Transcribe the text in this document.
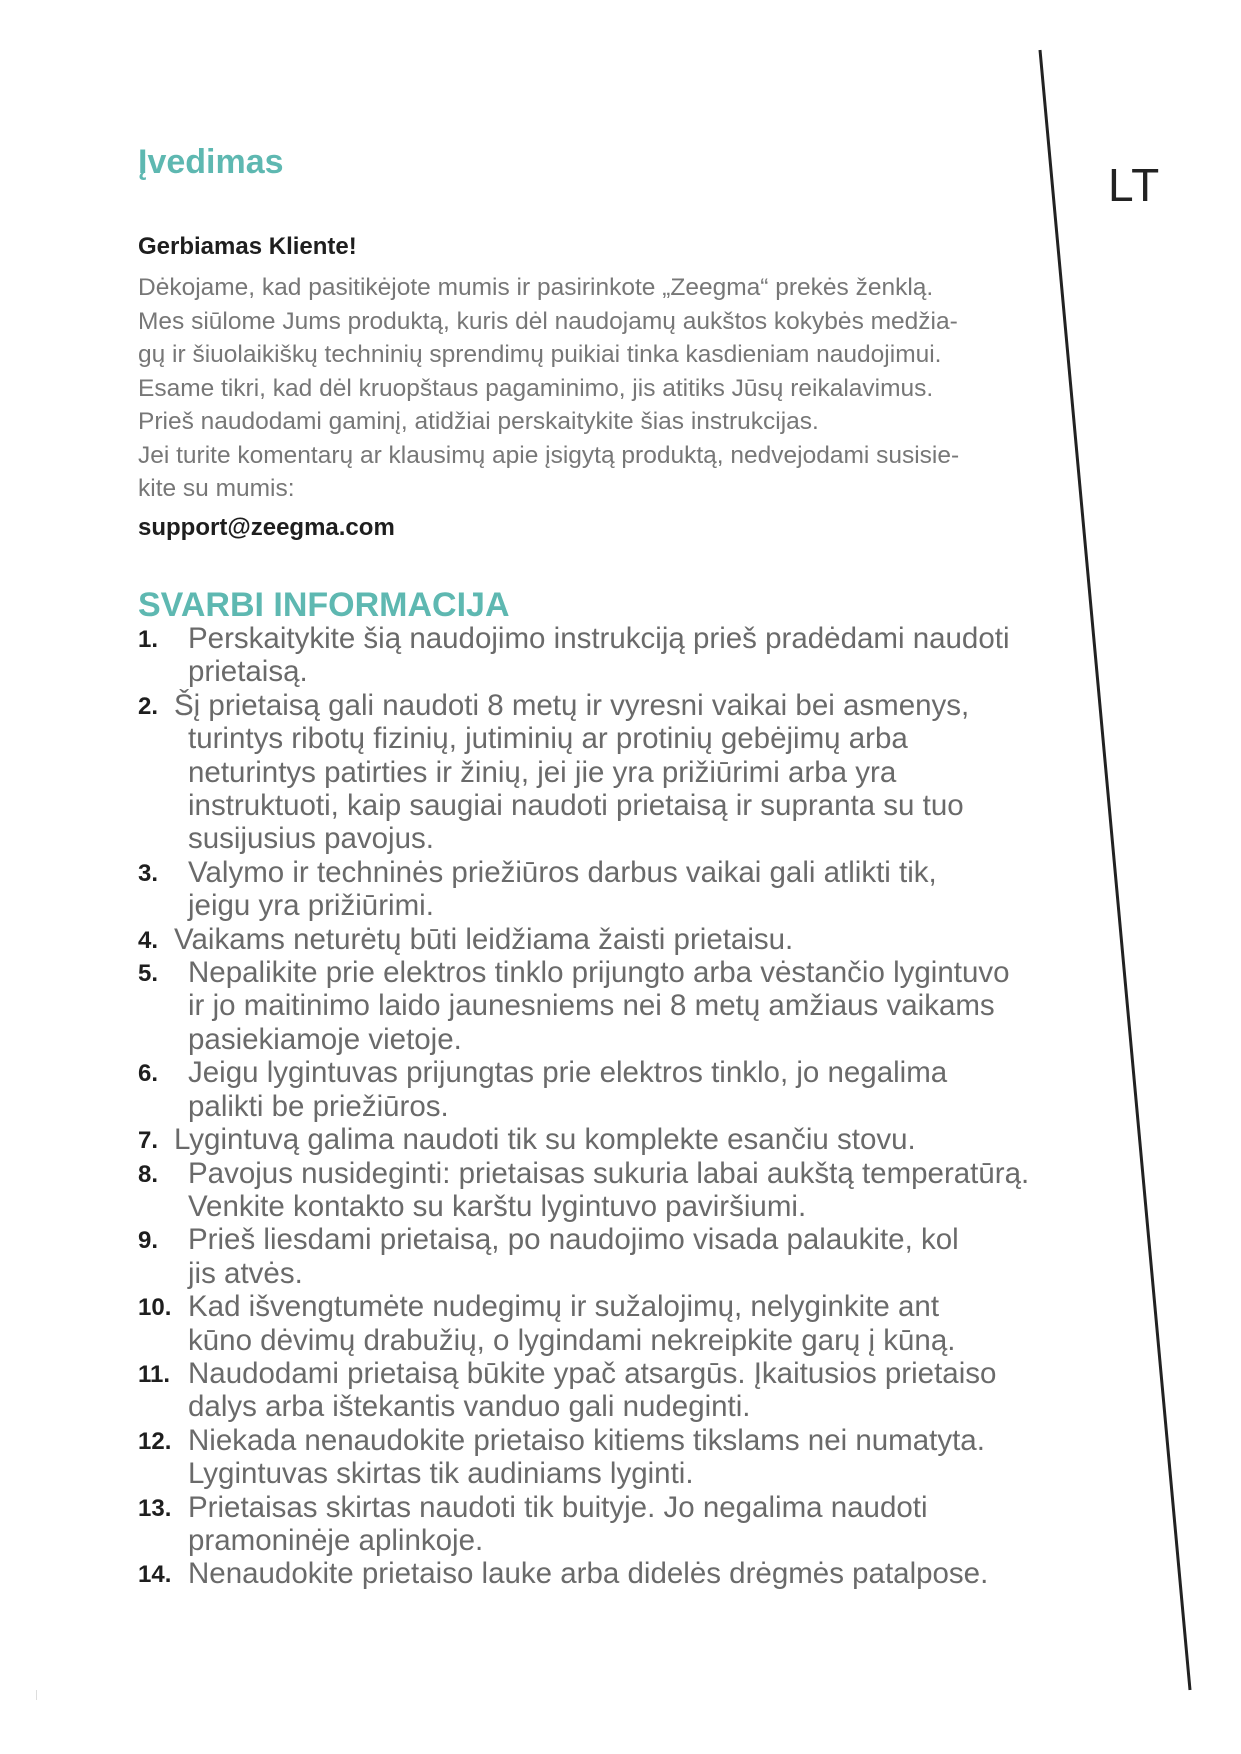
LT
Įvedimas

Gerbiamas Kliente!

Dėkojame, kad pasitikėjote mumis ir pasirinkote „Zeegma“ prekės ženklą.
Mes siūlome Jums produktą, kuris dėl naudojamų aukštos kokybės medžia-
gų ir šiuolaikiškų techninių sprendimų puikiai tinka kasdieniam naudojimui.
Esame tikri, kad dėl kruopštaus pagaminimo, jis atitiks Jūsų reikalavimus.
Prieš naudodami gaminį, atidžiai perskaitykite šias instrukcijas.
Jei turite komentarų ar klausimų apie įsigytą produktą, nedvejodami susisie-
kite su mumis:

support@zeegma.com

SVARBI INFORMACIJA
1.	Perskaitykite šią naudojimo instrukciją prieš pradėdami naudoti
prietaisą.
2. Šį prietaisą gali naudoti 8 metų ir vyresni vaikai bei asmenys,
turintys ribotų fizinių, jutiminių ar protinių gebėjimų arba
neturintys patirties ir žinių, jei jie yra prižiūrimi arba yra
instruktuoti, kaip saugiai naudoti prietaisą ir supranta su tuo
susijusius pavojus.
3.	Valymo ir techninės priežiūros darbus vaikai gali atlikti tik,
jeigu yra prižiūrimi.
4. Vaikams neturėtų būti leidžiama žaisti prietaisu.
5.	Nepalikite prie elektros tinklo prijungto arba vėstančio lygintuvo
ir jo maitinimo laido jaunesniems nei 8 metų amžiaus vaikams
pasiekiamoje vietoje.
6.	Jeigu lygintuvas prijungtas prie elektros tinklo, jo negalima
palikti be priežiūros.
7. Lygintuvą galima naudoti tik su komplekte esančiu stovu.
8.	Pavojus nusideginti: prietaisas sukuria labai aukštą temperatūrą.
Venkite kontakto su karštu lygintuvo paviršiumi.
9.	Prieš liesdami prietaisą, po naudojimo visada palaukite, kol
jis atvės.
10. Kad išvengtumėte nudegimų ir sužalojimų, nelyginkite ant
kūno dėvimų drabužių, o lygindami nekreipkite garų į kūną.
11. Naudodami prietaisą būkite ypač atsargūs. Įkaitusios prietaiso
dalys arba ištekantis vanduo gali nudeginti.
12. Niekada nenaudokite prietaiso kitiems tikslams nei numatyta.
Lygintuvas skirtas tik audiniams lyginti.
13. Prietaisas skirtas naudoti tik buityje. Jo negalima naudoti
pramoninėje aplinkoje.
14. Nenaudokite prietaiso lauke arba didelės drėgmės patalpose.
